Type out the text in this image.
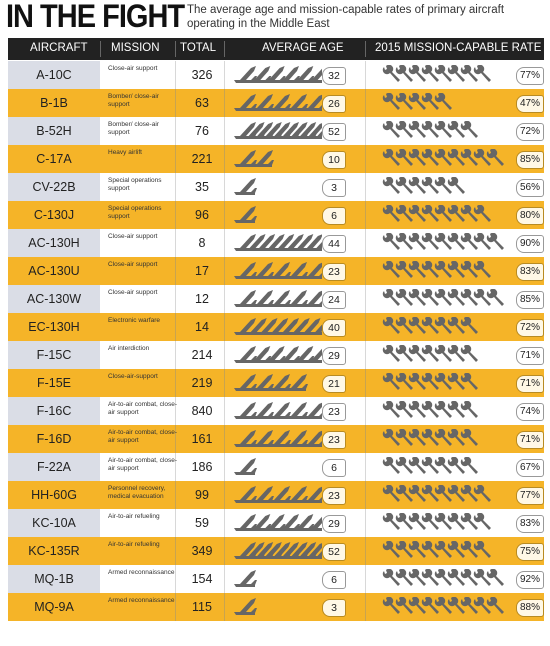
IN THE FIGHT The average age and mission-capable rates of primary aircraft operating in the Middle East
AIRCRAFT MISSION TOTAL	AVERAGE AGE	2015 MISSION-CAPABLE RATE *
A-10C	Close-air support	326	32	77%
B-1B	Bomber/ close-air support	63	26	47%
B-52H	Bomber/ close-air support	76	52	72%
C-17A	Heavy airlift	221	10	85%
CV-22B	Special operations support	35	3	56%
C-130J	Special operations support	96	6	80%
AC-130H	Close-air support	8	44	90%
AC-130U	Close-air support	17	23	83%
AC-130W	Close-air support	12	24	85%
EC-130H	Electronic warfare	14	40	72%
F-15C	Air interdiction	214	29	71%
F-15E	Close-air-support	219	21	71%
F-16C	Air-to-air combat, close-air support	840	23	74%
F-16D	Air-to-air combat, close-air support	161	23	71%
F-22A	Air-to-air combat, close-air support	186	6	67%
HH-60G	Personnel recovery, medical evacuation	99	23	77%
KC-10A	Air-to-air refueling	59	29	83%
KC-135R	Air-to-air refueling	349	52	75%
MQ-1B	Armed reconnaissance	154	6	92%
MQ-9A	Armed reconnaissance	115	3	88%
